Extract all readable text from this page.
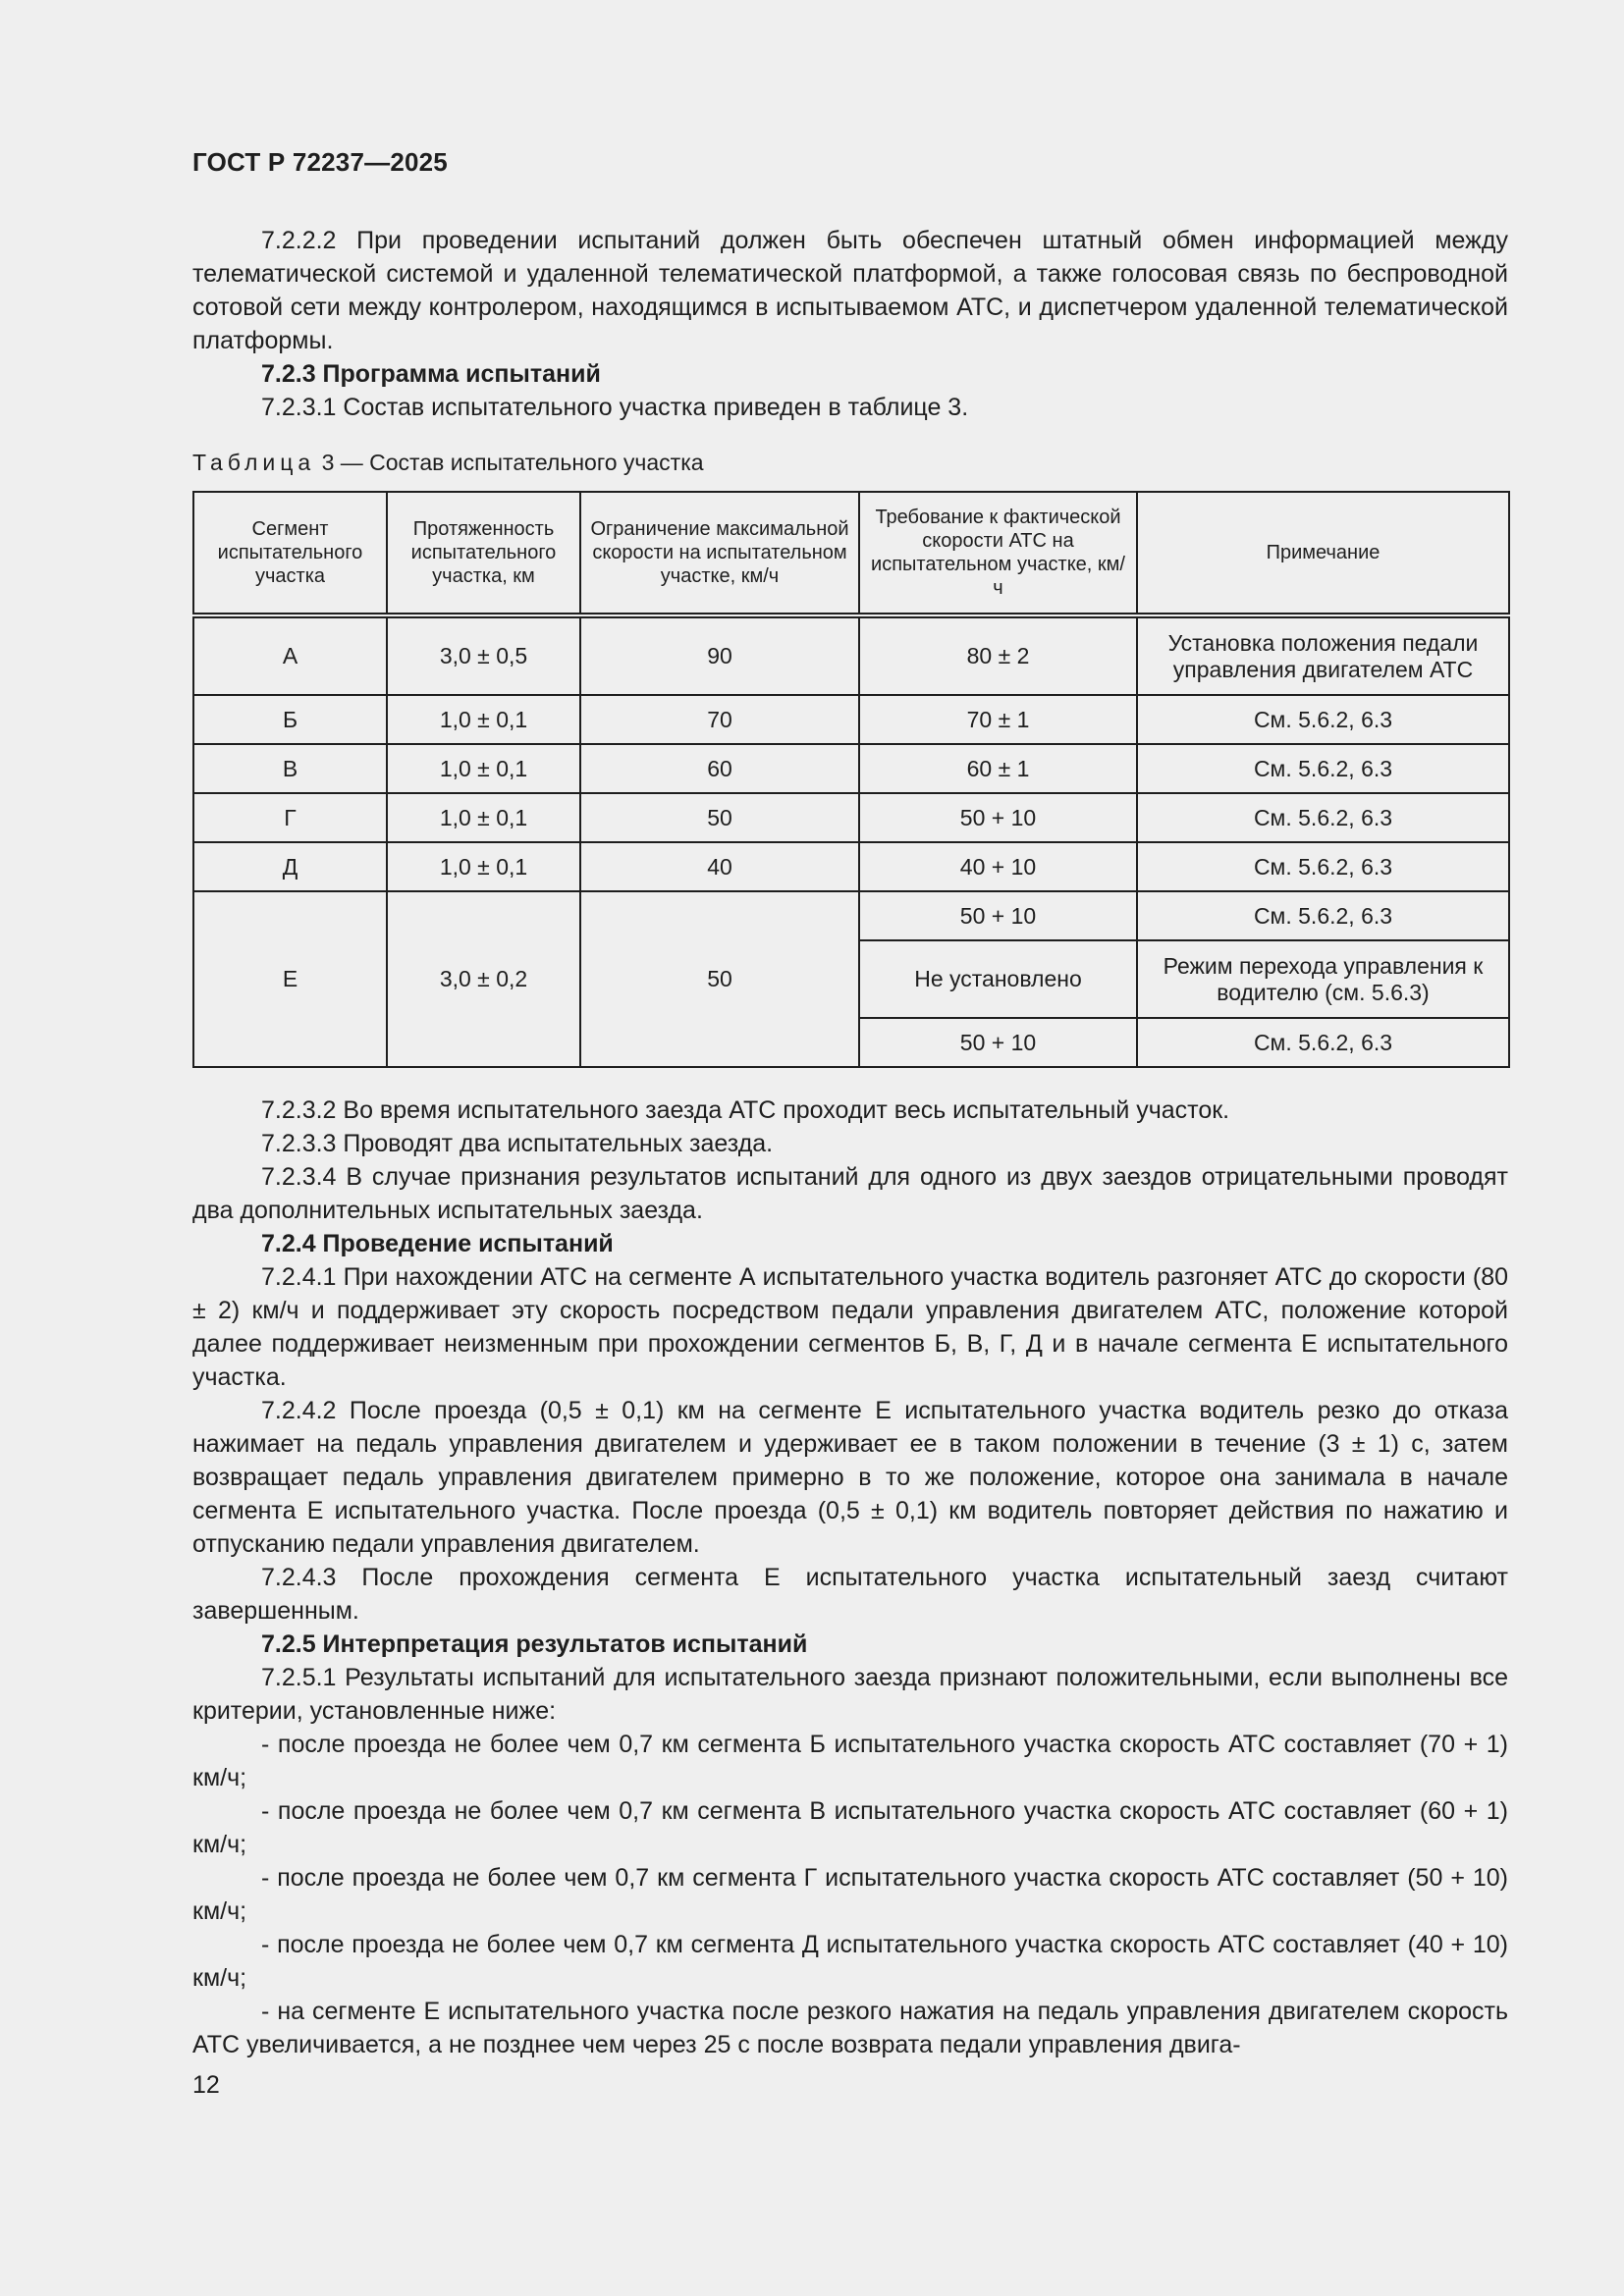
ГОСТ Р 72237—2025

7.2.2.2 При проведении испытаний должен быть обеспечен штатный обмен информацией между телематической системой и удаленной телематической платформой, а также голосовая связь по беспроводной сотовой сети между контролером, находящимся в испытываемом АТС, и диспетчером удаленной телематической платформы.

7.2.3 Программа испытаний

7.2.3.1 Состав испытательного участка приведен в таблице 3.

Таблица 3 — Состав испытательного участка
Сегмент испытательного участка	Протяженность испытательного участка, км	Ограничение максимальной скорости на испытательном участке, км/ч	Требование к фактической скорости АТС на испытательном участке, км/ч	Примечание
А	3,0 ± 0,5	90	80 ± 2	Установка положения педали управления двигателем АТС
Б	1,0 ± 0,1	70	70 ± 1	См. 5.6.2, 6.3
В	1,0 ± 0,1	60	60 ± 1	См. 5.6.2, 6.3
Г	1,0 ± 0,1	50	50 + 10	См. 5.6.2, 6.3
Д	1,0 ± 0,1	40	40 + 10	См. 5.6.2, 6.3
Е	3,0 ± 0,2	50	50 + 10	См. 5.6.2, 6.3
			Не установлено	Режим перехода управления к водителю (см. 5.6.3)
			50 + 10	См. 5.6.2, 6.3

7.2.3.2 Во время испытательного заезда АТС проходит весь испытательный участок.

7.2.3.3 Проводят два испытательных заезда.

7.2.3.4 В случае признания результатов испытаний для одного из двух заездов отрицательными проводят два дополнительных испытательных заезда.

7.2.4 Проведение испытаний

7.2.4.1 При нахождении АТС на сегменте А испытательного участка водитель разгоняет АТС до скорости (80 ± 2) км/ч и поддерживает эту скорость посредством педали управления двигателем АТС, положение которой далее поддерживает неизменным при прохождении сегментов Б, В, Г, Д и в начале сегмента Е испытательного участка.

7.2.4.2 После проезда (0,5 ± 0,1) км на сегменте Е испытательного участка водитель резко до отказа нажимает на педаль управления двигателем и удерживает ее в таком положении в течение (3 ± 1) с, затем возвращает педаль управления двигателем примерно в то же положение, которое она занимала в начале сегмента Е испытательного участка. После проезда (0,5 ± 0,1) км водитель повторяет действия по нажатию и отпусканию педали управления двигателем.

7.2.4.3 После прохождения сегмента Е испытательного участка испытательный заезд считают завершенным.

7.2.5 Интерпретация результатов испытаний

7.2.5.1 Результаты испытаний для испытательного заезда признают положительными, если выполнены все критерии, установленные ниже:

- после проезда не более чем 0,7 км сегмента Б испытательного участка скорость АТС составляет (70 + 1) км/ч;

- после проезда не более чем 0,7 км сегмента В испытательного участка скорость АТС составляет (60 + 1) км/ч;

- после проезда не более чем 0,7 км сегмента Г испытательного участка скорость АТС составляет (50 + 10) км/ч;

- после проезда не более чем 0,7 км сегмента Д испытательного участка скорость АТС составляет (40 + 10) км/ч;

- на сегменте Е испытательного участка после резкого нажатия на педаль управления двигателем скорость АТС увеличивается, а не позднее чем через 25 с после возврата педали управления двига-

12
